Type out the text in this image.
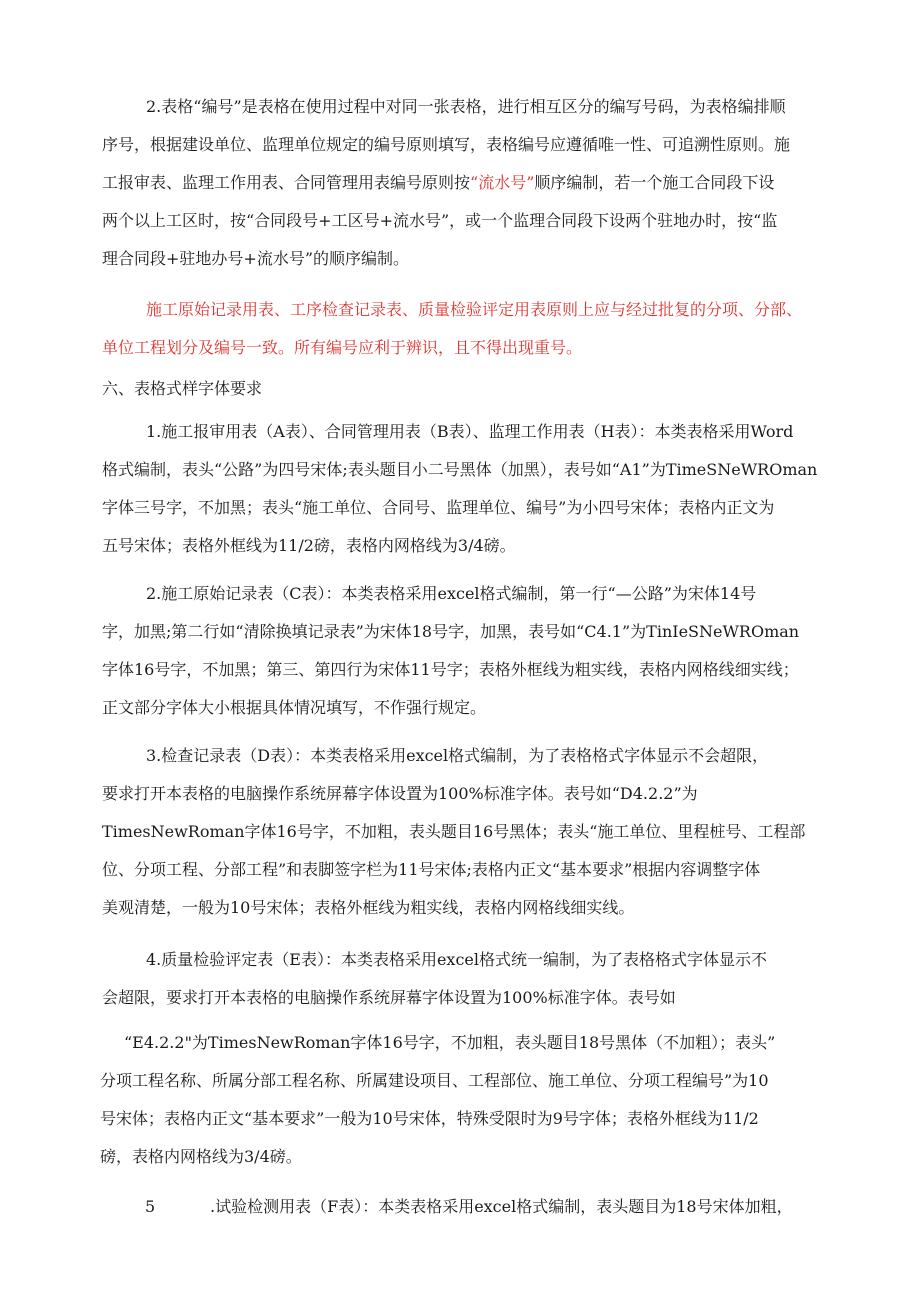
2.表格“编号”是表格在使用过程中对同一张表格，进行相互区分的编写号码，为表格编排顺
序号，根据建设单位、监理单位规定的编号原则填写，表格编号应遵循唯一性、可追溯性原则。施
工报审表、监理工作用表、合同管理用表编号原则按“流水号”顺序编制，若一个施工合同段下设
两个以上工区时，按“合同段号+工区号+流水号”，或一个监理合同段下设两个驻地办时，按“监
理合同段+驻地办号+流水号”的顺序编制。
施工原始记录用表、工序检查记录表、质量检验评定用表原则上应与经过批复的分项、分部、
单位工程划分及编号一致。所有编号应利于辨识，且不得出现重号。
六、表格式样字体要求
1.施工报审用表（A表）、合同管理用表（B表）、监理工作用表（H表）：本类表格采用Word
格式编制，表头“公路”为四号宋体;表头题目小二号黑体（加黑），表号如“A1”为TimeSNeWROman
字体三号字，不加黑；表头“施工单位、合同号、监理单位、编号”为小四号宋体；表格内正文为
五号宋体；表格外框线为11/2磅，表格内网格线为3/4磅。
2.施工原始记录表（C表）：本类表格采用excel格式编制，第一行“—公路”为宋体14号
字，加黑;第二行如“清除换填记录表”为宋体18号字，加黑，表号如“C4.1”为TinIeSNeWROman
字体16号字，不加黑；第三、第四行为宋体11号字；表格外框线为粗实线，表格内网格线细实线；
正文部分字体大小根据具体情况填写，不作强行规定。
3.检查记录表（D表）：本类表格采用excel格式编制，为了表格格式字体显示不会超限，
要求打开本表格的电脑操作系统屏幕字体设置为100%标准字体。表号如“D4.2.2”为
TimesNewRoman字体16号字，不加粗，表头题目16号黑体；表头“施工单位、里程桩号、工程部
位、分项工程、分部工程”和表脚签字栏为11号宋体;表格内正文“基本要求”根据内容调整字体
美观清楚，一般为10号宋体；表格外框线为粗实线，表格内网格线细实线。
4.质量检验评定表（E表）：本类表格采用excel格式统一编制，为了表格格式字体显示不
会超限，要求打开本表格的电脑操作系统屏幕字体设置为100%标准字体。表号如
“E4.2.2"为TimesNewRoman字体16号字，不加粗，表头题目18号黑体（不加粗）；表头”
分项工程名称、所属分部工程名称、所属建设项目、工程部位、施工单位、分项工程编号”为10
号宋体；表格内正文“基本要求”一般为10号宋体，特殊受限时为9号字体；表格外框线为11/2
磅，表格内网格线为3/4磅。
5	.试验检测用表（F表）：本类表格采用excel格式编制，表头题目为18号宋体加粗，
